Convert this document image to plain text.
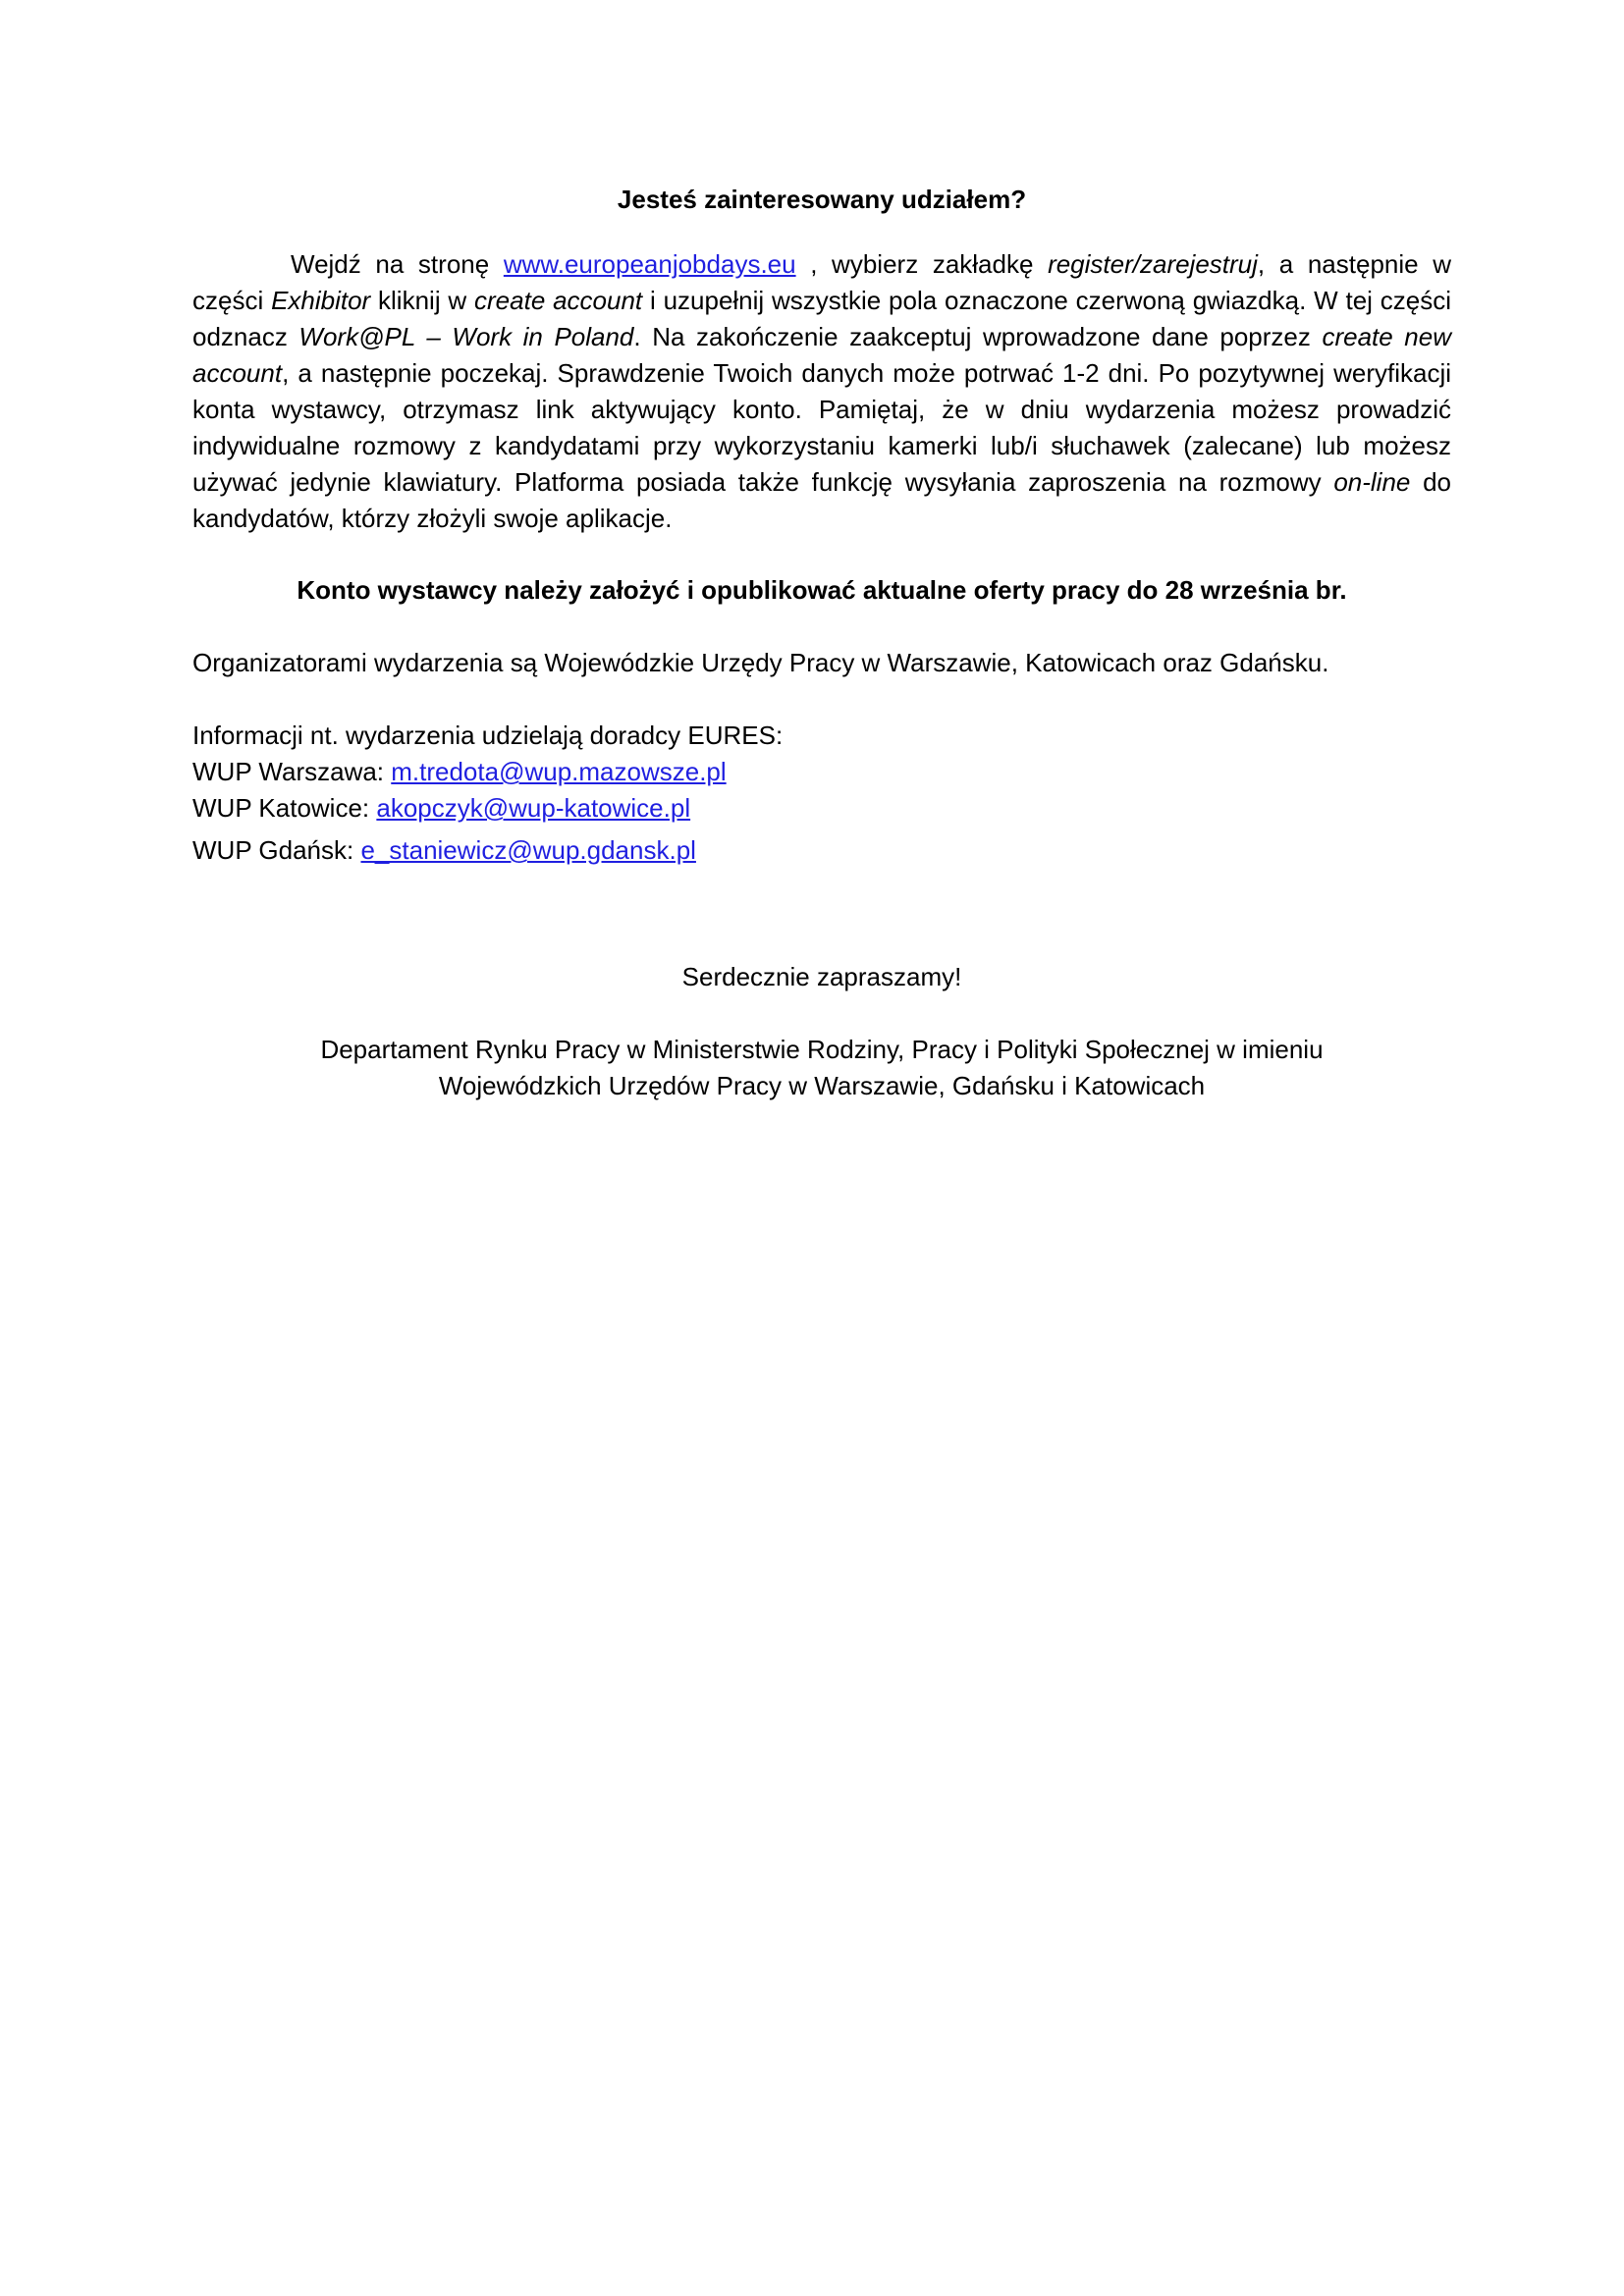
Jesteś zainteresowany udziałem?

Wejdź na stronę www.europeanjobdays.eu , wybierz zakładkę register/zarejestruj, a następnie w części Exhibitor kliknij w create account i uzupełnij wszystkie pola oznaczone czerwoną gwiazdką. W tej części odznacz Work@PL – Work in Poland. Na zakończenie zaakceptuj wprowadzone dane poprzez create new account, a następnie poczekaj. Sprawdzenie Twoich danych może potrwać 1-2 dni. Po pozytywnej weryfikacji konta wystawcy, otrzymasz link aktywujący konto. Pamiętaj, że w dniu wydarzenia możesz prowadzić indywidualne rozmowy z kandydatami przy wykorzystaniu kamerki lub/i słuchawek (zalecane) lub możesz używać jedynie klawiatury. Platforma posiada także funkcję wysyłania zaproszenia na rozmowy on-line do kandydatów, którzy złożyli swoje aplikacje.

Konto wystawcy należy założyć i opublikować aktualne oferty pracy do 28 września br.

Organizatorami wydarzenia są Wojewódzkie Urzędy Pracy w Warszawie, Katowicach oraz Gdańsku.

Informacji nt. wydarzenia udzielają doradcy EURES:
WUP Warszawa: m.tredota@wup.mazowsze.pl
WUP Katowice: akopczyk@wup-katowice.pl
WUP Gdańsk: e_staniewicz@wup.gdansk.pl

Serdecznie zapraszamy!

Departament Rynku Pracy w Ministerstwie Rodziny, Pracy i Polityki Społecznej w imieniu
Wojewódzkich Urzędów Pracy w Warszawie, Gdańsku i Katowicach
